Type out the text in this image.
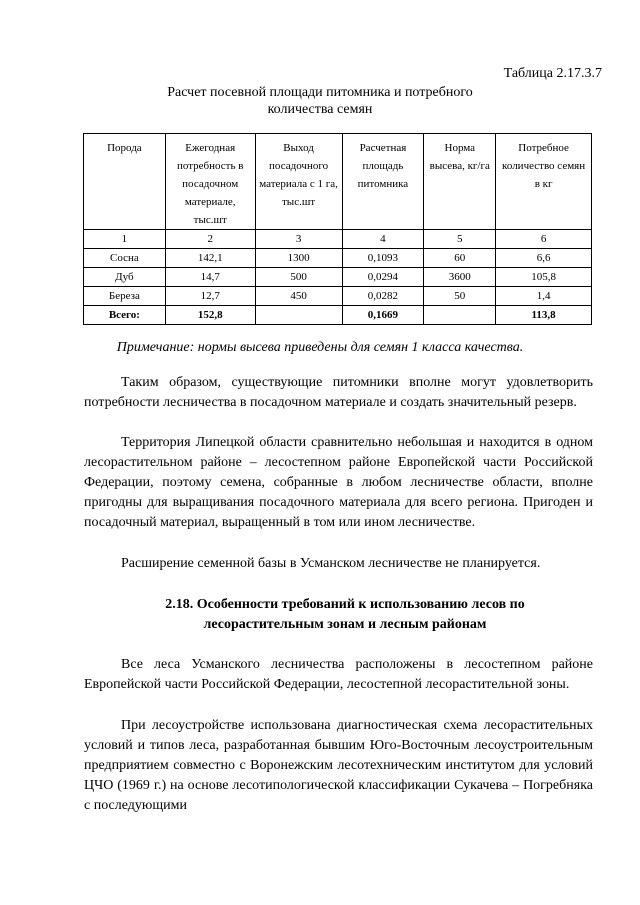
Таблица 2.17.3.7
Расчет посевной площади питомника и потребного
количества семян
Порода	Ежегодная потребность в посадочном материале, тыс.шт	Выход посадочного материала с 1 га, тыс.шт	Расчетная площадь питомника	Норма высева, кг/га	Потребное количество семян в кг
1	2	3	4	5	6
Сосна	142,1	1300	0,1093	60	6,6
Дуб	14,7	500	0,0294	3600	105,8
Береза	12,7	450	0,0282	50	1,4
Всего:	152,8		0,1669		113,8
Примечание: нормы высева приведены для семян 1 класса качества.

Таким образом, существующие питомники вполне могут удовлетворить потребности лесничества в посадочном материале и создать значительный резерв.

Территория Липецкой области сравнительно небольшая и находится в одном лесорастительном районе – лесостепном районе Европейской части Российской Федерации, поэтому семена, собранные в любом лесничестве области, вполне пригодны для выращивания посадочного материала для всего региона. Пригоден и посадочный материал, выращенный в том или ином лесничестве.

Расширение семенной базы в Усманском лесничестве не планируется.

2.18. Особенности требований к использованию лесов по
лесорастительным зонам и лесным районам

Все леса Усманского лесничества расположены в лесостепном районе Европейской части Российской Федерации, лесостепной лесорастительной зоны.

При лесоустройстве использована диагностическая схема лесорастительных условий и типов леса, разработанная бывшим Юго-Восточным лесоустроительным предприятием совместно с Воронежским лесотехническим институтом для условий ЦЧО (1969 г.) на основе лесотипологической классификации Сукачева – Погребняка с последующими
